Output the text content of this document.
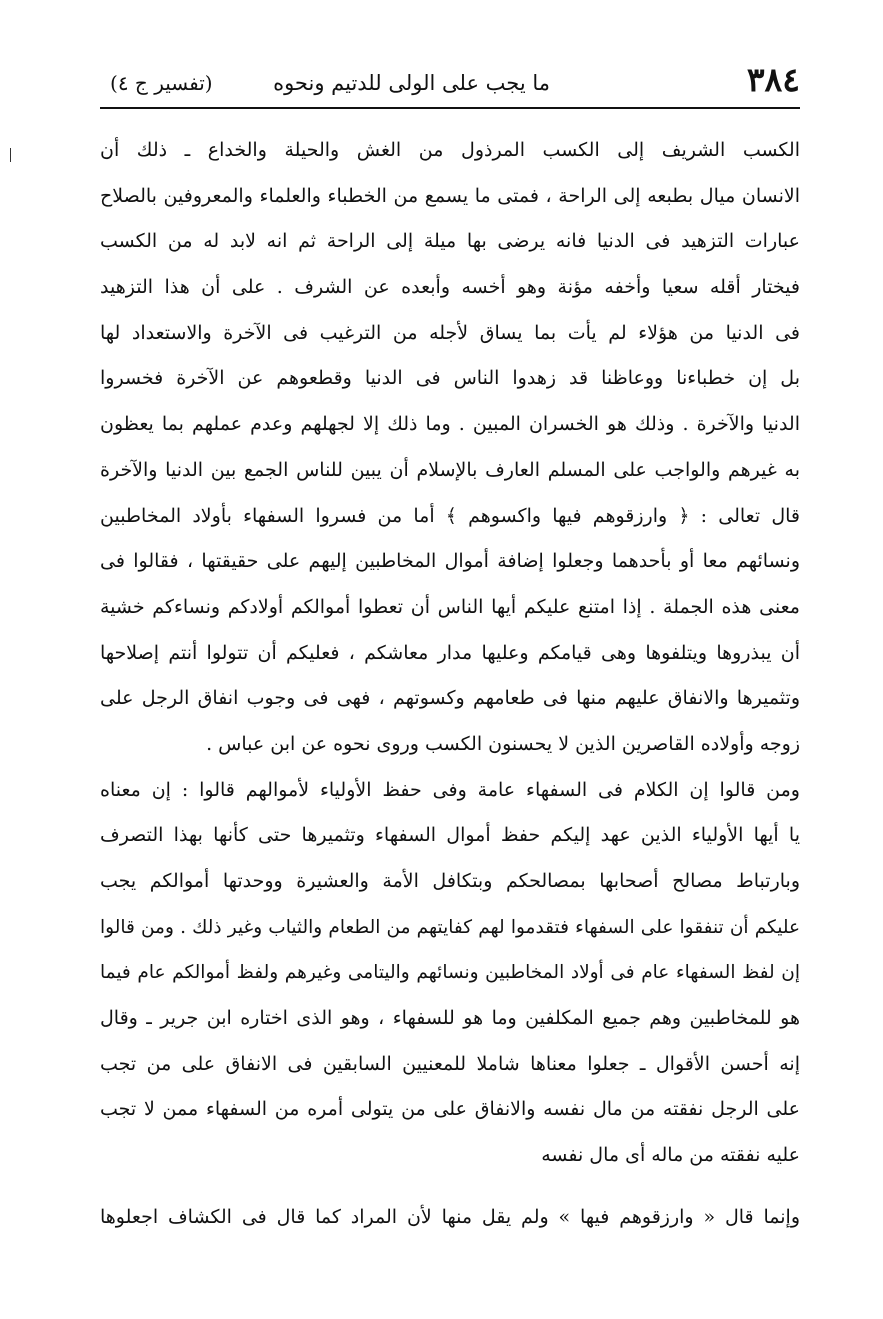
٣٨٤
ما يجب على الولى للدتيم ونحوه
(تفسير ج ٤)
الكسب الشريف إلى الكسب المرذول من الغش والحيلة والخداع ـ ذلك أن
الانسان ميال بطبعه إلى الراحة ، فمتى ما يسمع من الخطباء والعلماء والمعروفين بالصلاح
عبارات التزهيد فى الدنيا فانه يرضى بها ميلة إلى الراحة ثم انه لابد له من الكسب
فيختار أقله سعيا وأخفه مؤنة وهو أخسه وأبعده عن الشرف . على أن هذا التزهيد
فى الدنيا من هؤلاء لم يأت بما يساق لأجله من الترغيب فى الآخرة والاستعداد لها
بل إن خطباءنا ووعاظنا قد زهدوا الناس فى الدنيا وقطعوهم عن الآخرة فخسروا
الدنيا والآخرة . وذلك هو الخسران المبين . وما ذلك إلا لجهلهم وعدم عملهم بما يعظون
به غيرهم والواجب على المسلم العارف بالإسلام أن يبين للناس الجمع بين الدنيا والآخرة
قال تعالى : ﴿ وارزقوهم فيها واكسوهم ﴾ أما من فسروا السفهاء بأولاد المخاطبين
ونسائهم معا أو بأحدهما وجعلوا إضافة أموال المخاطبين إليهم على حقيقتها ، فقالوا فى
معنى هذه الجملة . إذا امتنع عليكم أيها الناس أن تعطوا أموالكم أولادكم ونساءكم خشية
أن يبذروها ويتلفوها وهى قيامكم وعليها مدار معاشكم ، فعليكم أن تتولوا أنتم إصلاحها
وتثميرها والانفاق عليهم منها فى طعامهم وكسوتهم ، فهى فى وجوب انفاق الرجل على
زوجه وأولاده القاصرين الذين لا يحسنون الكسب وروى نحوه عن ابن عباس .
ومن قالوا إن الكلام فى السفهاء عامة وفى حفظ الأولياء لأموالهم قالوا : إن معناه
يا أيها الأولياء الذين عهد إليكم حفظ أموال السفهاء وتثميرها حتى كأنها بهذا التصرف
وبارتباط مصالح أصحابها بمصالحكم وبتكافل الأمة والعشيرة ووحدتها أموالكم يجب
عليكم أن تنفقوا على السفهاء فتقدموا لهم كفايتهم من الطعام والثياب وغير ذلك . ومن قالوا
إن لفظ السفهاء عام فى أولاد المخاطبين ونسائهم واليتامى وغيرهم ولفظ أموالكم عام فيما
هو للمخاطبين وهم جميع المكلفين وما هو للسفهاء ، وهو الذى اختاره ابن جرير ـ وقال
إنه أحسن الأقوال ـ جعلوا معناها شاملا للمعنيين السابقين فى الانفاق على من تجب
على الرجل نفقته من مال نفسه والانفاق على من يتولى أمره من السفهاء ممن لا تجب
عليه نفقته من ماله أى مال نفسه
وإنما قال « وارزقوهم فيها » ولم يقل منها لأن المراد كما قال فى الكشاف اجعلوها
